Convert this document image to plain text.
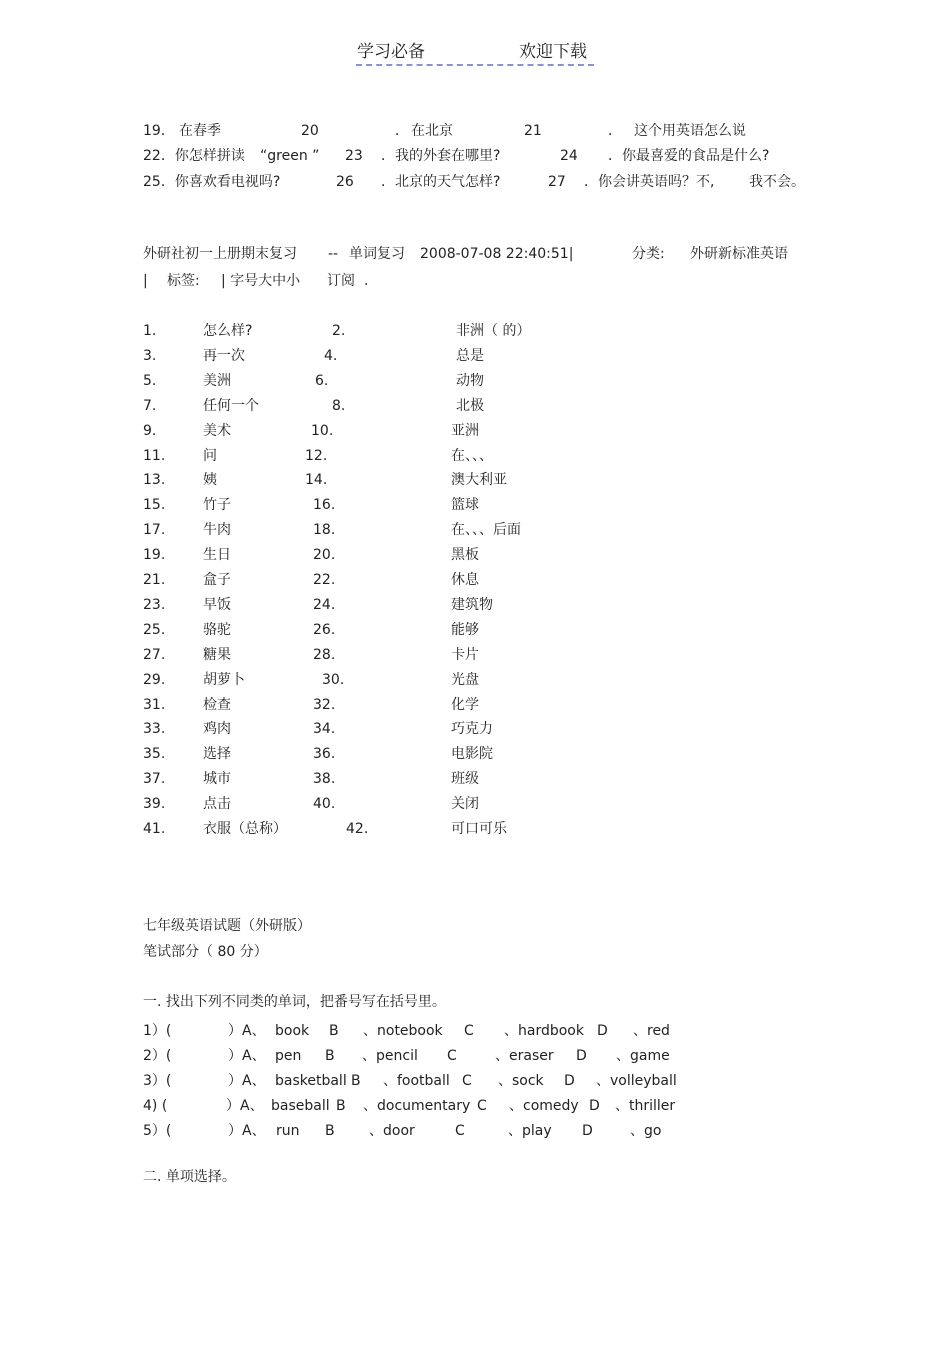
学习必备	欢迎下载
19． 在春季	20	． 在北京	21	． 这个用英语怎么说
22．你怎样拼读 “green ” 23 ．我的外套在哪里?	24 ．你最喜爱的食品是什么?
25．你喜欢看电视吗?	26 ．北京的天气怎样?	27 ．你会讲英语吗？不, 我不会。
外研社初一上册期末复习 -- 单词复习 2008-07-08 22:40:51|	分类: 外研新标准英语
| 标签: | 字号大中小 订阅 .
1.	怎么样?	2.	非洲（ 的）
3.	再一次	4.	总是
5.	美洲	6.	动物
7.	任何一个	8.	北极
9.	美术	10.	亚洲
11.	问	12.	在、、、
13.	姨	14.	澳大利亚
15.	竹子	16.	篮球
17.	牛肉	18.	在、、、后面
19.	生日	20.	黑板
21.	盒子	22.	休息
23.	早饭	24.	建筑物
25.	骆驼	26.	能够
27.	糖果	28.	卡片
29.	胡萝卜	30.	光盘
31.	检查	32.	化学
33.	鸡肉	34.	巧克力
35.	选择	36.	电影院
37.	城市	38.	班级
39.	点击	40.	关闭
41.	衣服（总称）	42.	可口可乐
七年级英语试题（外研版）
笔试部分（ 80 分）
一. 找出下列不同类的单词，把番号写在括号里。
1）(	）A、 book B 、notebook C 、hardbook D 、red
2）(	）A、 pen B 、pencil C	、eraser D 、game
3）(	）A、 basketball B 、football C 、sock D 、volleyball
4) (	）A、 baseball B 、documentary C 、comedy D 、thriller
5）(	）A、 run B 、door	C	、play D	、go
二. 单项选择。
